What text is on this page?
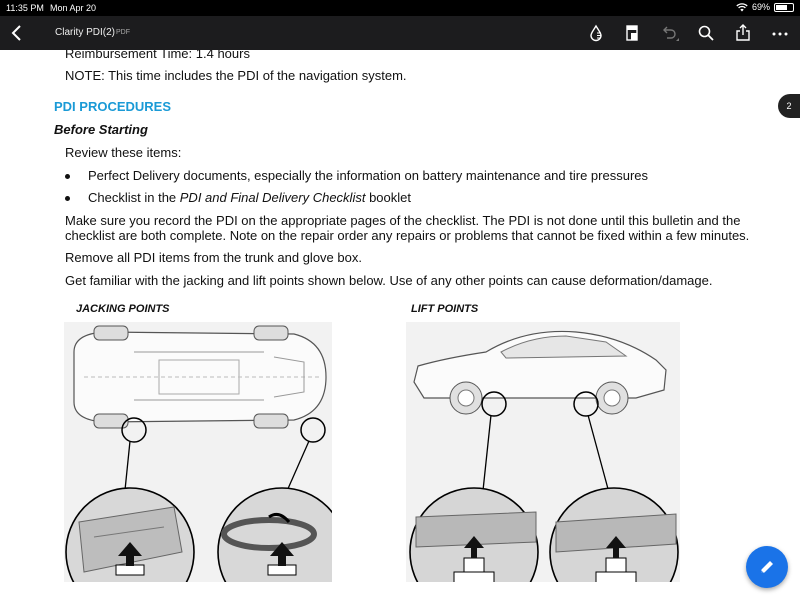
11:35 PM Mon Apr 20	69%
Clarity PDI(2) PDF
Reimbursement Time: 1.4 hours
NOTE: This time includes the PDI of the navigation system.
PDI PROCEDURES
Before Starting
Review these items:
Perfect Delivery documents, especially the information on battery maintenance and tire pressures
Checklist in the PDI and Final Delivery Checklist booklet
Make sure you record the PDI on the appropriate pages of the checklist. The PDI is not done until this bulletin and the
checklist are both complete. Note on the repair order any repairs or problems that cannot be fixed within a few minutes.
Remove all PDI items from the trunk and glove box.
Get familiar with the jacking and lift points shown below. Use of any other points can cause deformation/damage.
JACKING POINTS	LIFT POINTS
2
